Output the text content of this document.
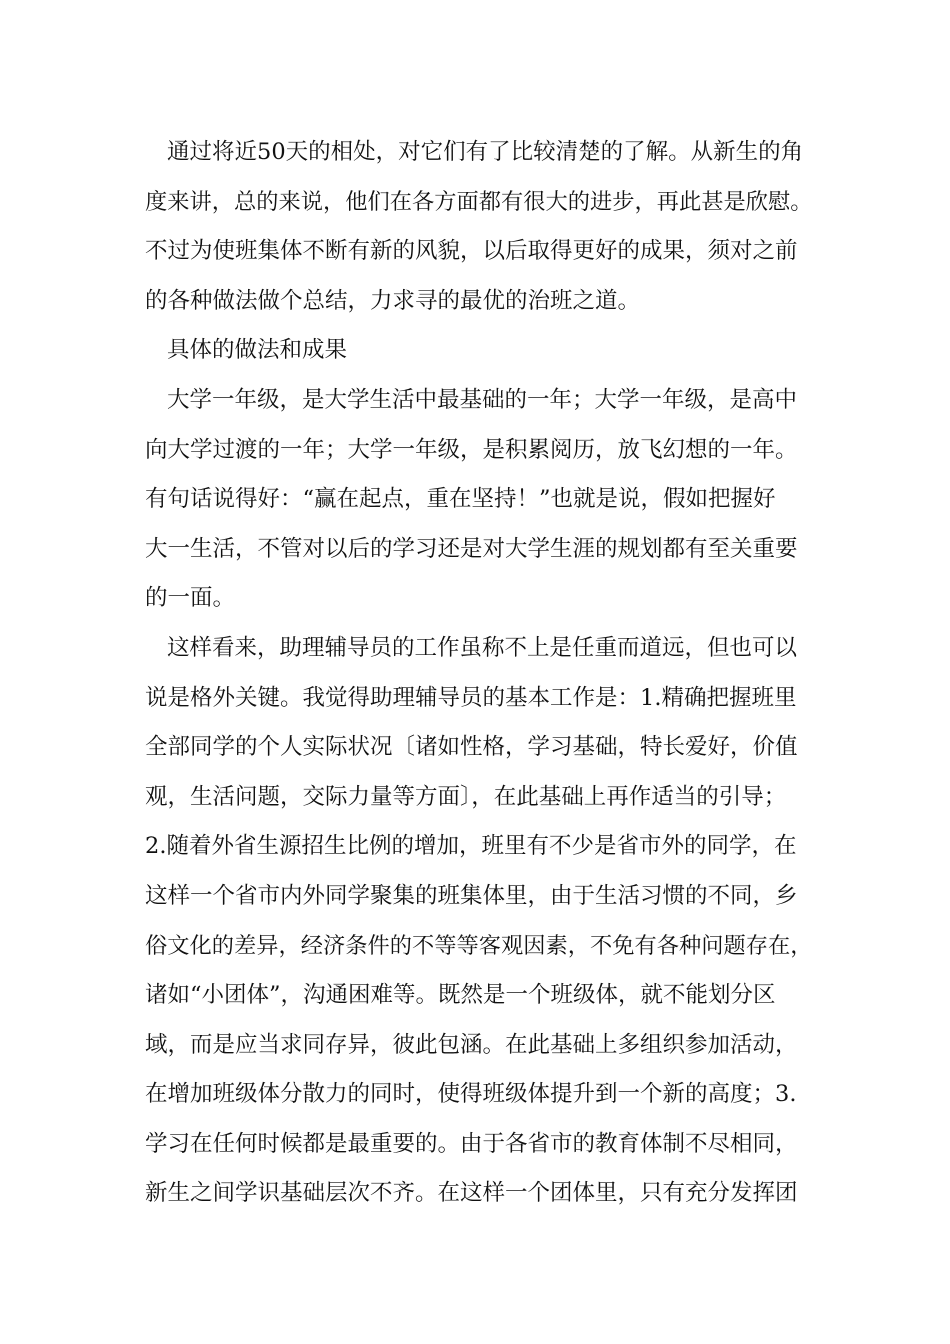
通过将近50天的相处，对它们有了比较清楚的了解。从新生的角
度来讲，总的来说，他们在各方面都有很大的进步，再此甚是欣慰。
不过为使班集体不断有新的风貌，以后取得更好的成果，须对之前
的各种做法做个总结，力求寻的最优的治班之道。
具体的做法和成果
大学一年级，是大学生活中最基础的一年；大学一年级，是高中
向大学过渡的一年；大学一年级，是积累阅历，放飞幻想的一年。
有句话说得好：“赢在起点，重在坚持！”也就是说，假如把握好
大一生活，不管对以后的学习还是对大学生涯的规划都有至关重要
的一面。
这样看来，助理辅导员的工作虽称不上是任重而道远，但也可以
说是格外关键。我觉得助理辅导员的基本工作是：1.精确把握班里
全部同学的个人实际状况〔诸如性格，学习基础，特长爱好，价值
观，生活问题，交际力量等方面〕，在此基础上再作适当的引导；
2.随着外省生源招生比例的增加，班里有不少是省市外的同学，在
这样一个省市内外同学聚集的班集体里，由于生活习惯的不同，乡
俗文化的差异，经济条件的不等等客观因素，不免有各种问题存在，
诸如“小团体”，沟通困难等。既然是一个班级体，就不能划分区
域，而是应当求同存异，彼此包涵。在此基础上多组织参加活动，
在增加班级体分散力的同时，使得班级体提升到一个新的高度；3.
学习在任何时候都是最重要的。由于各省市的教育体制不尽相同，
新生之间学识基础层次不齐。在这样一个团体里，只有充分发挥团
